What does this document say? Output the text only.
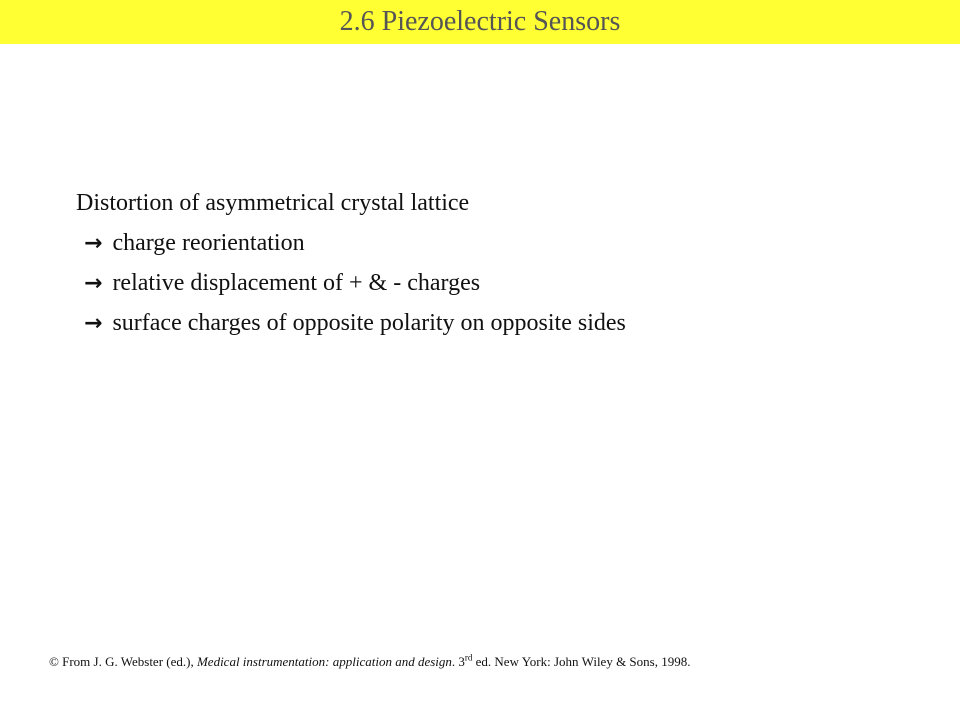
2.6 Piezoelectric Sensors
Distortion of asymmetrical crystal lattice
→ charge reorientation
→ relative displacement of + & - charges
→ surface charges of opposite polarity on opposite sides
© From J. G. Webster (ed.), Medical instrumentation: application and design. 3rd ed. New York: John Wiley & Sons, 1998.
